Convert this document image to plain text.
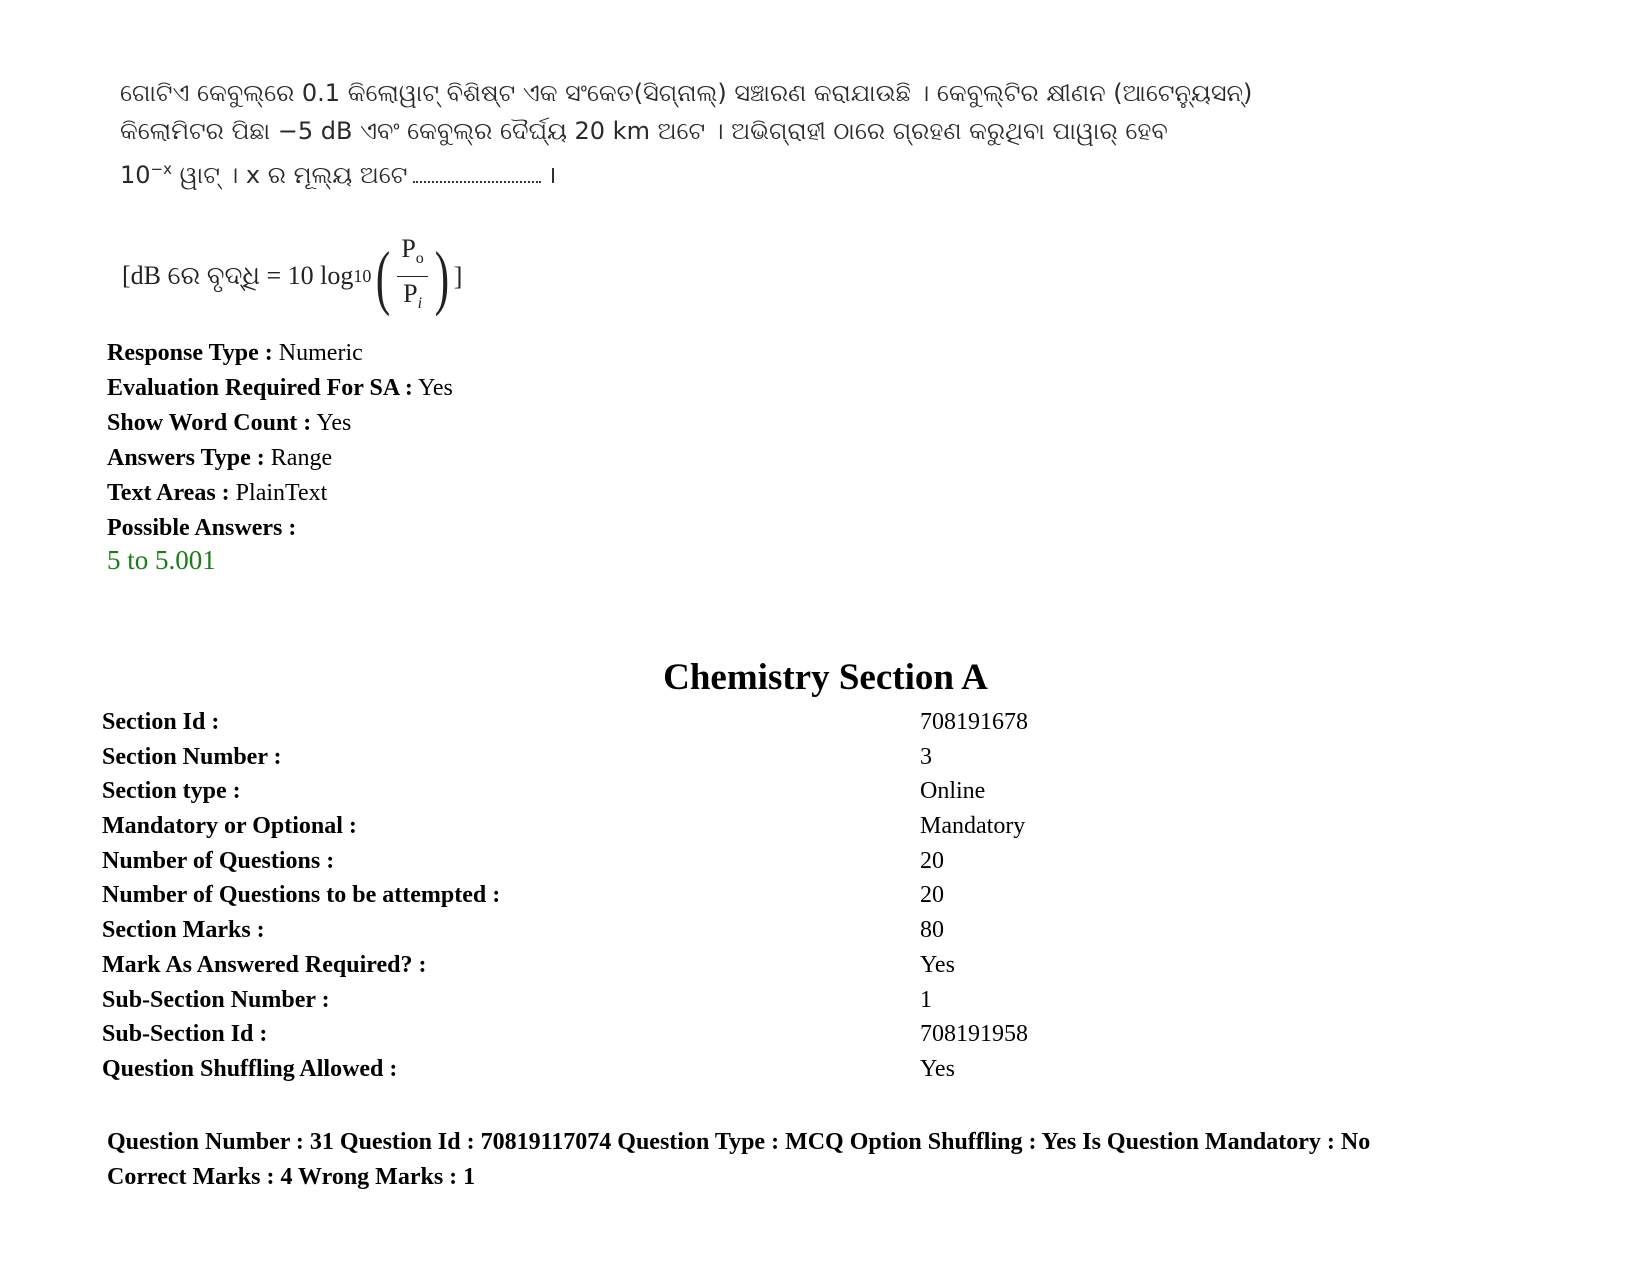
ଗୋଟିଏ କେବୁଲ୍‌ରେ 0.1 କିଲୋୱାଟ୍ ବିଶିଷ୍ଟ ଏକ ସଂକେତ(ସିଗ୍ନାଲ୍) ସଞ୍ଚାରଣ କରାଯାଉଛି । କେବୁଲ୍‌ଟିର କ୍ଷୀଣନ (ଆଟେନ୍ୟୁସନ୍)
କିଲୋମିଟର ପିଛା −5 dB ଏବଂ କେବୁଲ୍‌ର ଦୈର୍ଘ୍ୟ 20 km ଅଟେ । ଅଭିଗ୍ରାହୀ ଠାରେ ଗ୍ରହଣ କରୁଥିବା ପାୱାର୍ ହେବ
$10^{-x}$ ୱାଟ୍ । x ର ମୂଲ୍ୟ ଅଟେ	।
[dB ରେ ବୃଦ୍ଧି = 10 log 10 ( $\frac{P_o}{P_i}$ ) ]
Response Type : Numeric
Evaluation Required For SA : Yes
Show Word Count : Yes
Answers Type : Range
Text Areas : PlainText
Possible Answers :
5 to 5.001
Chemistry Section A
Section Id :	708191678
Section Number :	3
Section type :	Online
Mandatory or Optional :	Mandatory
Number of Questions :	20
Number of Questions to be attempted :	20
Section Marks :	80
Mark As Answered Required? :	Yes
Sub-Section Number :	1
Sub-Section Id :	708191958
Question Shuffling Allowed :	Yes
Question Number : 31 Question Id : 70819117074 Question Type : MCQ Option Shuffling : Yes Is Question Mandatory : No
Correct Marks : 4 Wrong Marks : 1
